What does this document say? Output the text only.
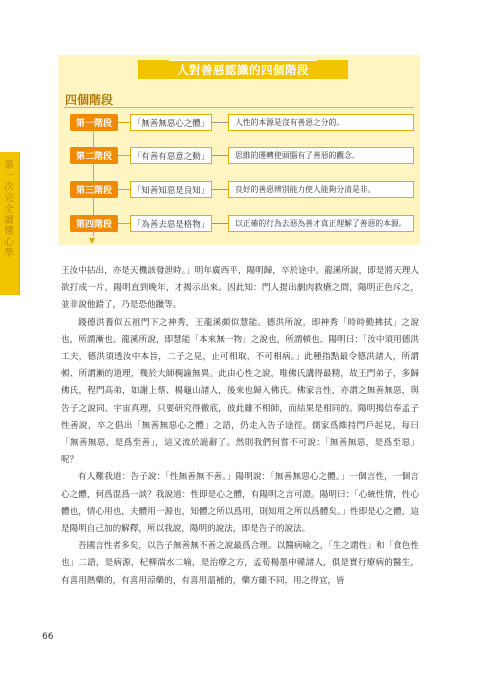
第一次完全讀懂心學
人對善惡認識的四個階段
四個階段
▼
第一階段	「無善無惡心之體」	人性的本源是沒有善惡之分的。
第二階段	「有善有惡意之動」	思維的運轉使頭腦有了善惡的觀念。
第三階段	「知善知惡是良知」	良好的善惡辨別能力使人能夠分清是非。
第四階段	「為善去惡是格物」	以正確的行為去惡為善才真正理解了善惡的本源。

王汝中拈出，亦是天機該發泄時。」明年廣西平，陽明歸，卒於途中。龍溪所說，即是將天理人欲打成一片，陽明直到晚年，才揭示出來。因此知：門人提出劇肉救瘡之間，陽明正色斥之，並非說他錯了，乃是恐他躐等。

錢德洪養似五祖門下之神秀，王龍溪頗似慧能。德洪所說，即神秀「時時勤拂拭」之說也，所謂漸也。龍溪所說，即慧能「本來無一物」之說也，所謂頓也。陽明曰：「汝中須用德洪工夫，德洪須透汝中本旨，二子之見，止可相取，不可相病。」此種指點最令德洪諸人，所謂頓、所謂漸的道理，幾於大師稠諭無異。此由心性之說，唯佛氏講得最精，故王門弟子，多歸佛氏，程門高弟，如謝上蔡、楊龜山諸人，後來也歸入佛氏。佛家言性，亦謂之無善無惡，與告子之說同。宇宙真理，只要研究得徹底，彼此雖不相師，而結果是相同的。陽明揭信奉孟子性善說，卒之倡出「無善無惡心之體」之語，仍走入告子途徑。儒家爲維持門戶起見，每曰「無善無惡，是爲至善」，這又流於詭辭了。然則我們何嘗不可說：「無善無惡，是爲至惡」呢？

有人難我道：告子說：「性無善無不善。」陽明說：「無善無惡心之體。」一個言性，一個言心之體，何爲混爲一談？我說道：性即是心之體，有陽明之言可證。陽明曰：「心統性情，性心體也，情心用也，夫體用一源也，知體之所以爲用，則知用之所以爲體矣。」性即是心之體，這是陽明自己加的解釋，所以我說，陽明的說法，即是告子的說法。

吾國言性者多矣，以告子無善無不善之說最爲合理。以醫病喻之，「生之謂性」和「食色性也」二語，是病源，杞柳湍水二喻，是治療之方，孟荀楊墨申韓諸人，俱是實行療病的醫生，有喜用熱藥的，有喜用涼藥的，有喜用溫補的，藥方雖不同，用之得宜，皆

66
